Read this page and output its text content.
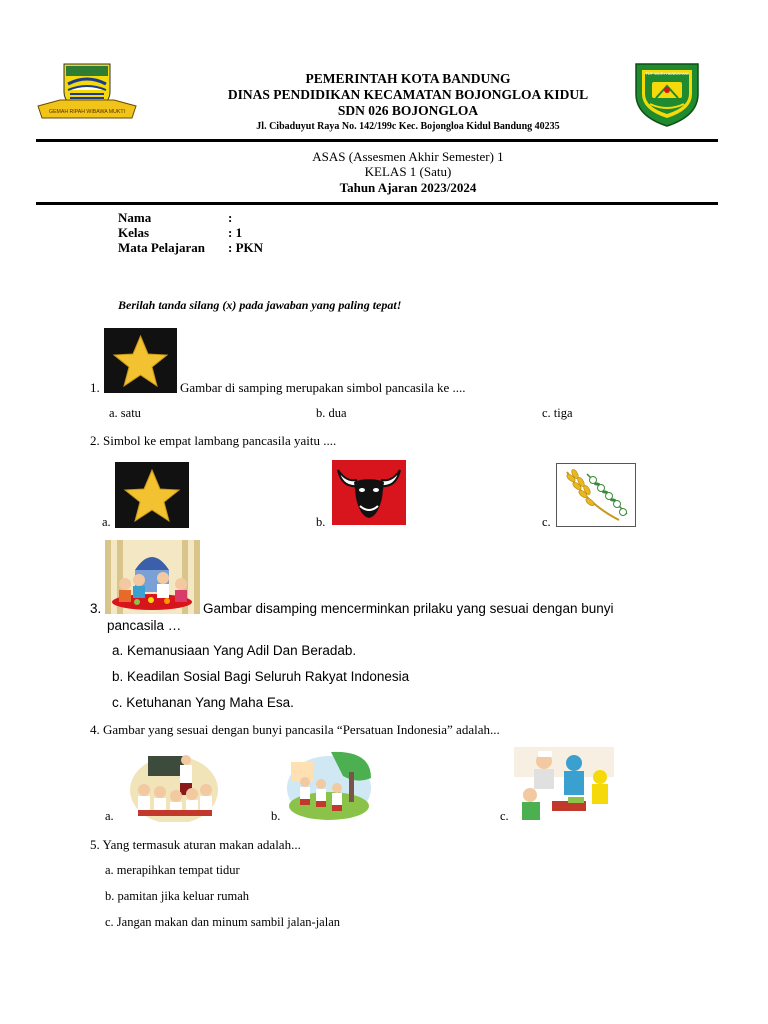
GEMAH RIPAH WIBAWA MUKTI
PEMERINTAH KOTA BANDUNG
DINAS PENDIDIKAN KECAMATAN BOJONGLOA KIDUL
SDN 026 BOJONGLOA
Jl. Cibaduyut Raya No. 142/199c Kec. Bojongloa Kidul Bandung 40235
TUT WURI HANDAYANI
ASAS (Assesmen Akhir Semester) 1
KELAS 1 (Satu)
Tahun Ajaran 2023/2024
Nama	:
Kelas	: 1
Mata Pelajaran : PKN
Berilah tanda silang (x) pada jawaban yang paling tepat!
1.	Gambar di samping merupakan simbol pancasila ke ....
a. satu	b. dua	c. tiga
2. Simbol ke empat lambang pancasila yaitu ....
a.	b.	c.
3.	Gambar disamping mencerminkan prilaku yang sesuai dengan bunyi
pancasila …
a. Kemanusiaan Yang Adil Dan Beradab.
b. Keadilan Sosial Bagi Seluruh Rakyat Indonesia
c. Ketuhanan Yang Maha Esa.
4. Gambar yang sesuai dengan bunyi pancasila “Persatuan Indonesia” adalah...
a.	b.	c.
5. Yang termasuk aturan makan adalah...
a. merapihkan tempat tidur
b. pamitan jika keluar rumah
c. Jangan makan dan minum sambil jalan-jalan
